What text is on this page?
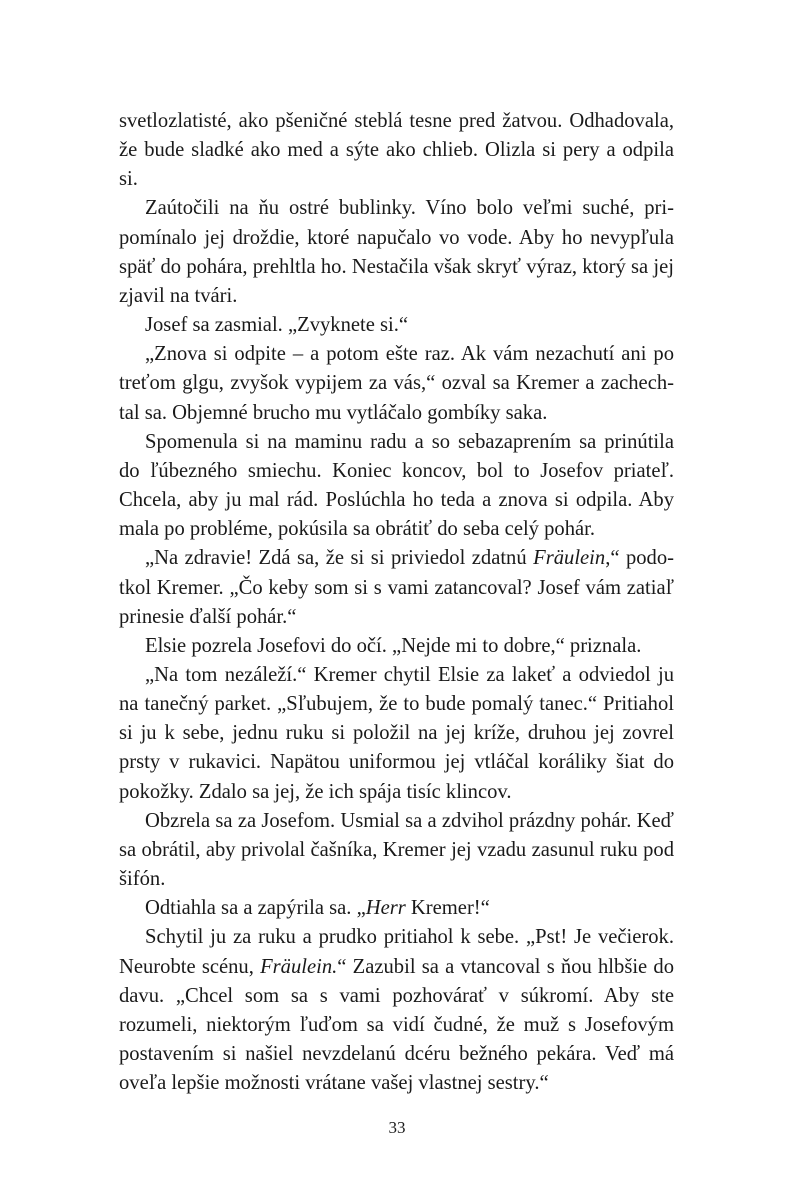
svetlozlatisté, ako pšeničné steblá tesne pred žatvou. Odhadovala, že bude sladké ako med a sýte ako chlieb. Olizla si pery a odpila si.

Zaútočili na ňu ostré bublinky. Víno bolo veľmi suché, pripomínalo jej droždie, ktoré napučalo vo vode. Aby ho nevypľula späť do pohára, prehltla ho. Nestačila však skryť výraz, ktorý sa jej zjavil na tvári.

Josef sa zasmial. „Zvyknete si.“

„Znova si odpite – a potom ešte raz. Ak vám nezachutí ani po treťom glgu, zvyšok vypijem za vás,“ ozval sa Kremer a zachechtal sa. Objemné brucho mu vytláčalo gombíky saka.

Spomenula si na maminu radu a so sebazaprením sa prinútila do ľúbezného smiechu. Koniec koncov, bol to Josefov priateľ. Chcela, aby ju mal rád. Poslúchla ho teda a znova si odpila. Aby mala po probléme, pokúsila sa obrátiť do seba celý pohár.

„Na zdravie! Zdá sa, že si si priviedol zdatnú Fräulein,“ podotkol Kremer. „Čo keby som si s vami zatancoval? Josef vám zatiaľ prinesie ďalší pohár.“

Elsie pozrela Josefovi do očí. „Nejde mi to dobre,“ priznala.

„Na tom nezáleží.“ Kremer chytil Elsie za lakeť a odviedol ju na tanečný parket. „Sľubujem, že to bude pomalý tanec.“ Pritiahol si ju k sebe, jednu ruku si položil na jej kríže, druhou jej zovrel prsty v rukavici. Napätou uniformou jej vtláčal koráliky šiat do pokožky. Zdalo sa jej, že ich spája tisíc klincov.

Obzrela sa za Josefom. Usmial sa a zdvihol prázdny pohár. Keď sa obrátil, aby privolal čašníka, Kremer jej vzadu zasunul ruku pod šifón.

Odtiahla sa a zapýrila sa. „Herr Kremer!“

Schytil ju za ruku a prudko pritiahol k sebe. „Pst! Je večierok. Neurobte scénu, Fräulein.“ Zazubil sa a vtancoval s ňou hlbšie do davu. „Chcel som sa s vami pozhovárať v súkromí. Aby ste rozumeli, niektorým ľuďom sa vidí čudné, že muž s Josefovým postavením si našiel nevzdelanú dcéru bežného pekára. Veď má oveľa lepšie možnosti vrátane vašej vlastnej sestry.“

33
